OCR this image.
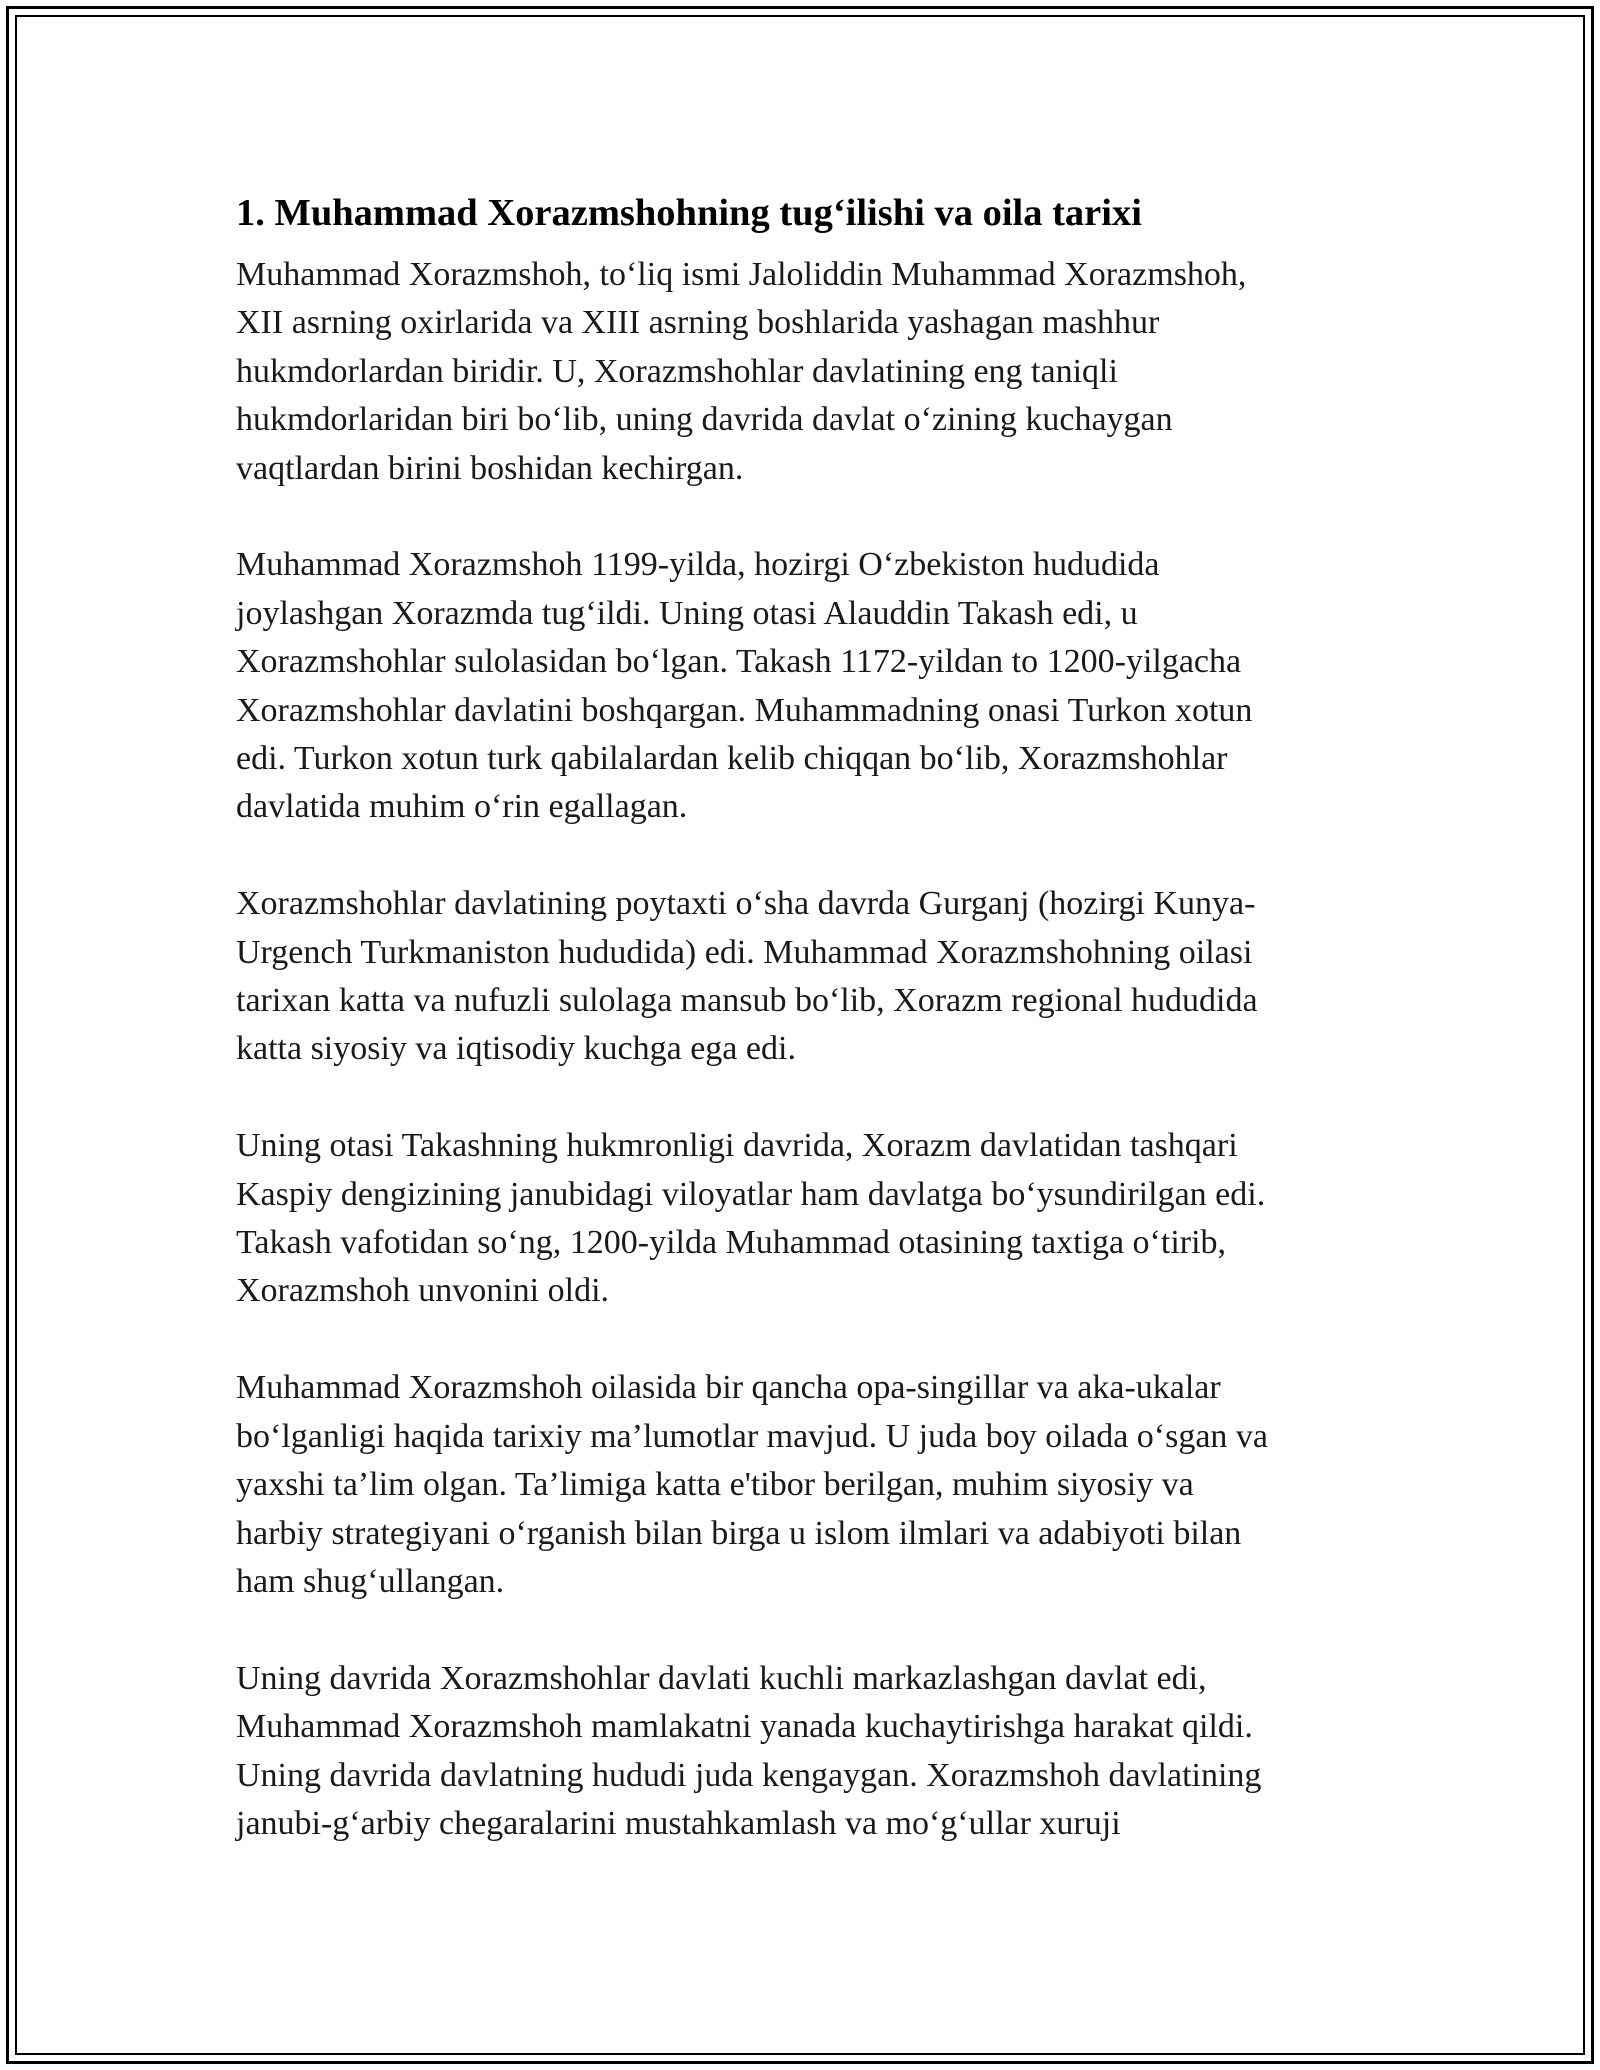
1. Muhammad Xorazmshohning tug‘ilishi va oila tarixi
Muhammad Xorazmshoh, to‘liq ismi Jaloliddin Muhammad Xorazmshoh,
XII asrning oxirlarida va XIII asrning boshlarida yashagan mashhur
hukmdorlardan biridir. U, Xorazmshohlar davlatining eng taniqli
hukmdorlaridan biri bo‘lib, uning davrida davlat o‘zining kuchaygan
vaqtlardan birini boshidan kechirgan.
Muhammad Xorazmshoh 1199-yilda, hozirgi O‘zbekiston hududida
joylashgan Xorazmda tug‘ildi. Uning otasi Alauddin Takash edi, u
Xorazmshohlar sulolasidan bo‘lgan. Takash 1172-yildan to 1200-yilgacha
Xorazmshohlar davlatini boshqargan. Muhammadning onasi Turkon xotun
edi. Turkon xotun turk qabilalardan kelib chiqqan bo‘lib, Xorazmshohlar
davlatida muhim o‘rin egallagan.
Xorazmshohlar davlatining poytaxti o‘sha davrda Gurganj (hozirgi Kunya-
Urgench Turkmaniston hududida) edi. Muhammad Xorazmshohning oilasi
tarixan katta va nufuzli sulolaga mansub bo‘lib, Xorazm regional hududida
katta siyosiy va iqtisodiy kuchga ega edi.
Uning otasi Takashning hukmronligi davrida, Xorazm davlatidan tashqari
Kaspiy dengizining janubidagi viloyatlar ham davlatga bo‘ysundirilgan edi.
Takash vafotidan so‘ng, 1200-yilda Muhammad otasining taxtiga o‘tirib,
Xorazmshoh unvonini oldi.
Muhammad Xorazmshoh oilasida bir qancha opa-singillar va aka-ukalar
bo‘lganligi haqida tarixiy ma’lumotlar mavjud. U juda boy oilada o‘sgan va
yaxshi ta’lim olgan. Ta’limiga katta e'tibor berilgan, muhim siyosiy va
harbiy strategiyani o‘rganish bilan birga u islom ilmlari va adabiyoti bilan
ham shug‘ullangan.
Uning davrida Xorazmshohlar davlati kuchli markazlashgan davlat edi,
Muhammad Xorazmshoh mamlakatni yanada kuchaytirishga harakat qildi.
Uning davrida davlatning hududi juda kengaygan. Xorazmshoh davlatining
janubi-g‘arbiy chegaralarini mustahkamlash va mo‘g‘ullar xuruji
